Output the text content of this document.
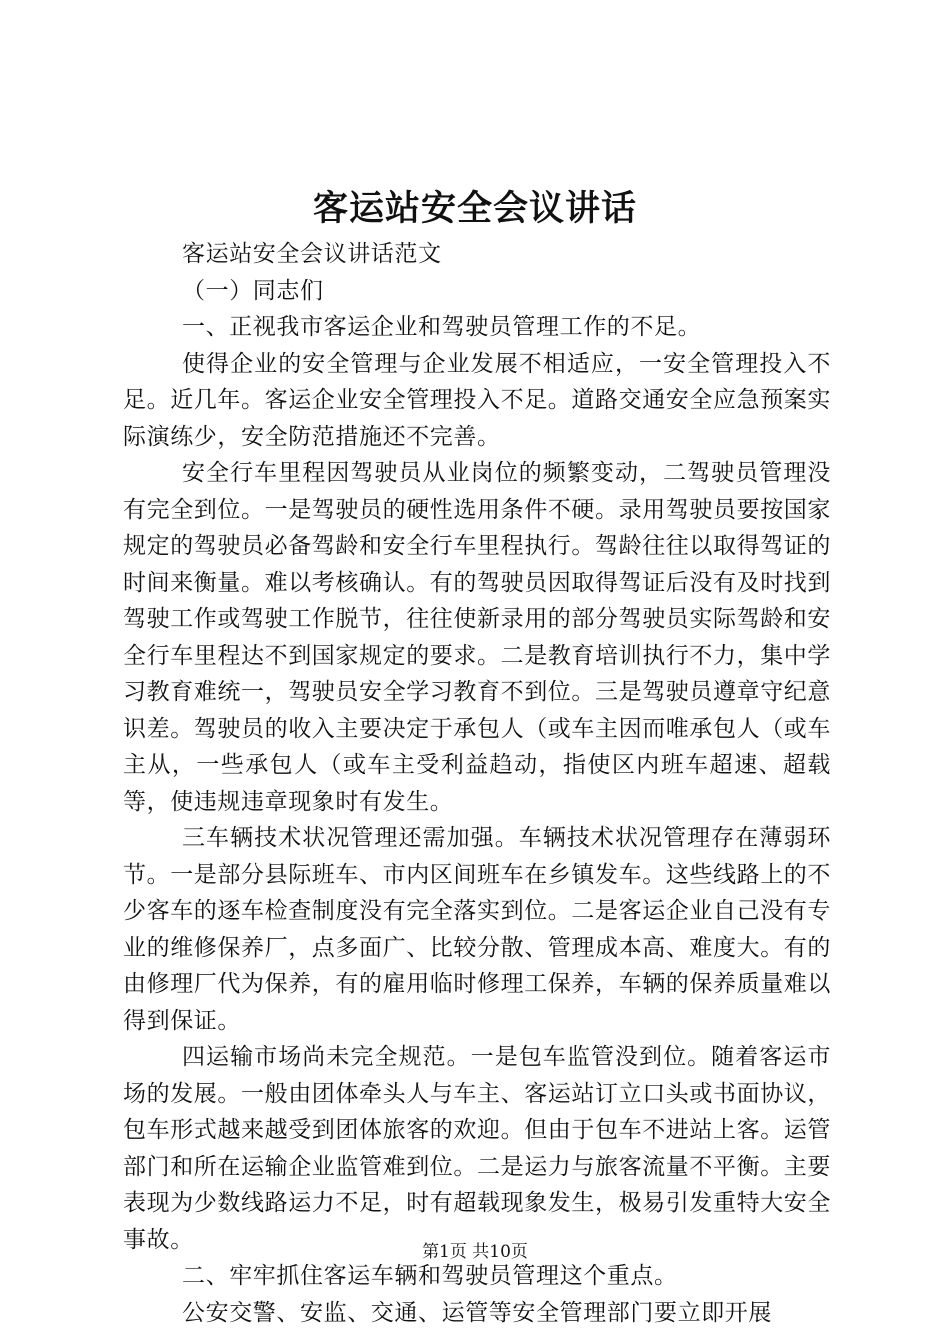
客运站安全会议讲话

客运站安全会议讲话范文

（一）同志们

一、正视我市客运企业和驾驶员管理工作的不足。

使得企业的安全管理与企业发展不相适应，一安全管理投入不足。近几年。客运企业安全管理投入不足。道路交通安全应急预案实际演练少，安全防范措施还不完善。

安全行车里程因驾驶员从业岗位的频繁变动，二驾驶员管理没有完全到位。一是驾驶员的硬性选用条件不硬。录用驾驶员要按国家规定的驾驶员必备驾龄和安全行车里程执行。驾龄往往以取得驾证的时间来衡量。难以考核确认。有的驾驶员因取得驾证后没有及时找到驾驶工作或驾驶工作脱节，往往使新录用的部分驾驶员实际驾龄和安全行车里程达不到国家规定的要求。二是教育培训执行不力，集中学习教育难统一，驾驶员安全学习教育不到位。三是驾驶员遵章守纪意识差。驾驶员的收入主要决定于承包人（或车主因而唯承包人（或车主从，一些承包人（或车主受利益趋动，指使区内班车超速、超载等，使违规违章现象时有发生。

三车辆技术状况管理还需加强。车辆技术状况管理存在薄弱环节。一是部分县际班车、市内区间班车在乡镇发车。这些线路上的不少客车的逐车检查制度没有完全落实到位。二是客运企业自己没有专业的维修保养厂，点多面广、比较分散、管理成本高、难度大。有的由修理厂代为保养，有的雇用临时修理工保养，车辆的保养质量难以得到保证。

四运输市场尚未完全规范。一是包车监管没到位。随着客运市场的发展。一般由团体牵头人与车主、客运站订立口头或书面协议，包车形式越来越受到团体旅客的欢迎。但由于包车不进站上客。运管部门和所在运输企业监管难到位。二是运力与旅客流量不平衡。主要表现为少数线路运力不足，时有超载现象发生，极易引发重特大安全事故。

二、牢牢抓住客运车辆和驾驶员管理这个重点。

公安交警、安监、交通、运管等安全管理部门要立即开展

第1页 共10页
